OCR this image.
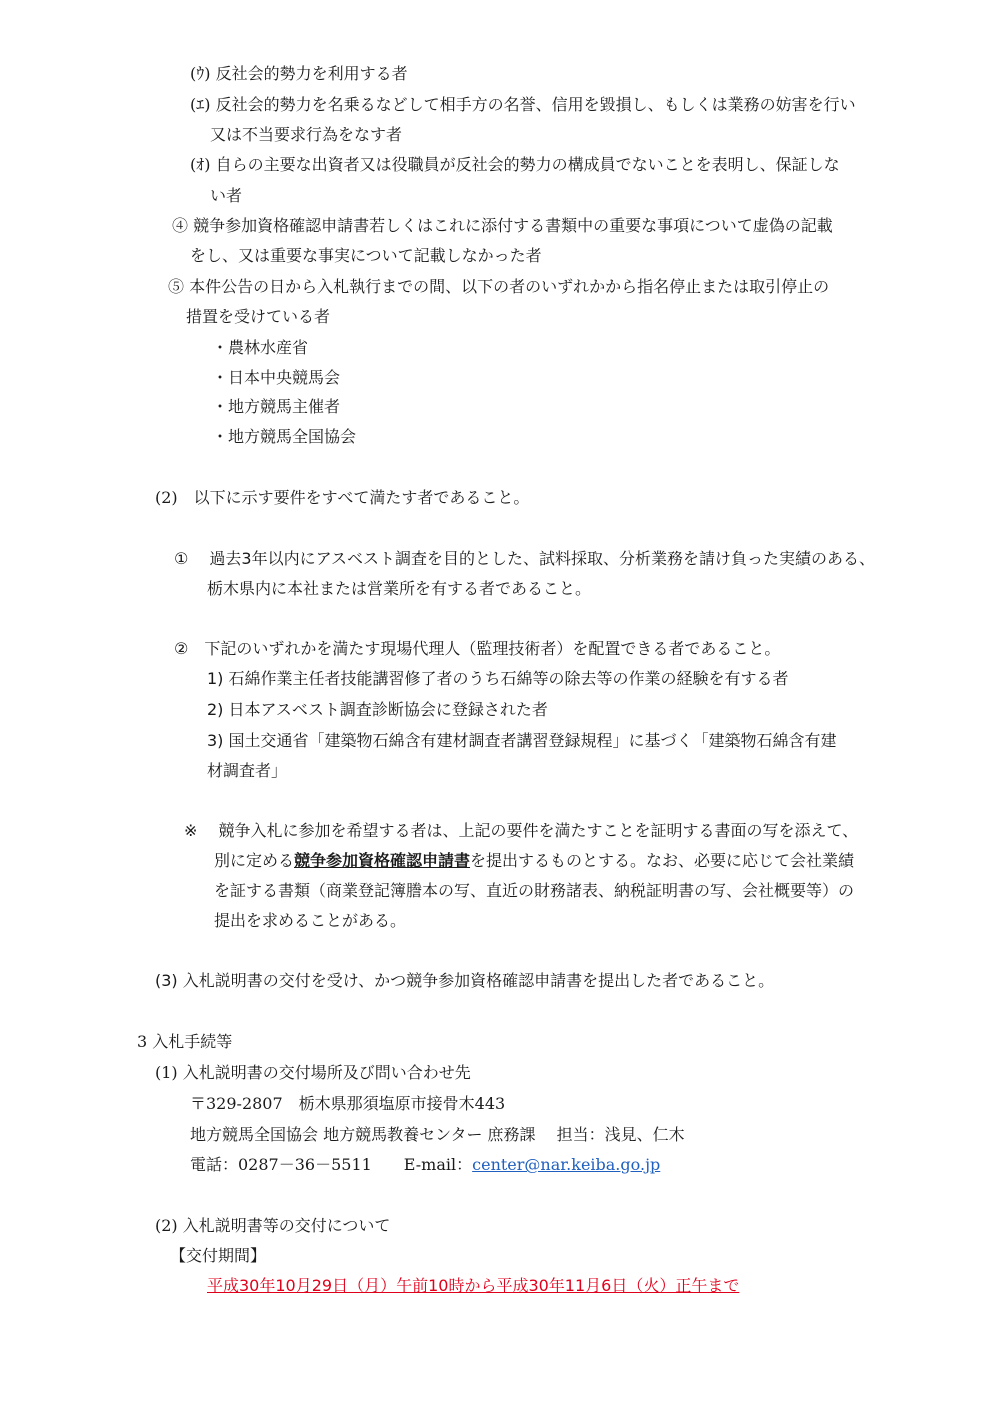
(ｳ) 反社会的勢力を利用する者
(ｴ) 反社会的勢力を名乗るなどして相手方の名誉、信用を毀損し、もしくは業務の妨害を行い
又は不当要求行為をなす者
(ｵ) 自らの主要な出資者又は役職員が反社会的勢力の構成員でないことを表明し、保証しな
い者
④ 競争参加資格確認申請書若しくはこれに添付する書類中の重要な事項について虚偽の記載
をし、又は重要な事実について記載しなかった者
⑤ 本件公告の日から入札執行までの間、以下の者のいずれかから指名停止または取引停止の
措置を受けている者
・農林水産省
・日本中央競馬会
・地方競馬主催者
・地方競馬全国協会
(2)　以下に示す要件をすべて満たす者であること。
①　 過去3年以内にアスベスト調査を目的とした、試料採取、分析業務を請け負った実績のある、
栃木県内に本社または営業所を有する者であること。
②　下記のいずれかを満たす現場代理人（監理技術者）を配置できる者であること。
1) 石綿作業主任者技能講習修了者のうち石綿等の除去等の作業の経験を有する者
2) 日本アスベスト調査診断協会に登録された者
3) 国土交通省「建築物石綿含有建材調査者講習登録規程」に基づく「建築物石綿含有建
材調査者」
※　 競争入札に参加を希望する者は、上記の要件を満たすことを証明する書面の写を添えて、
別に定める競争参加資格確認申請書を提出するものとする。なお、必要に応じて会社業績
を証する書類（商業登記簿謄本の写、直近の財務諸表、納税証明書の写、会社概要等）の
提出を求めることがある。
(3) 入札説明書の交付を受け、かつ競争参加資格確認申請書を提出した者であること。
3 入札手続等
(1) 入札説明書の交付場所及び問い合わせ先
〒329-2807　栃木県那須塩原市接骨木443
地方競馬全国協会 地方競馬教養センター 庶務課　 担当：浅見、仁木
電話：0287－36－5511　　E-mail：center@nar.keiba.go.jp
(2) 入札説明書等の交付について
【交付期間】
平成30年10月29日（月）午前10時から平成30年11月6日（火）正午まで
